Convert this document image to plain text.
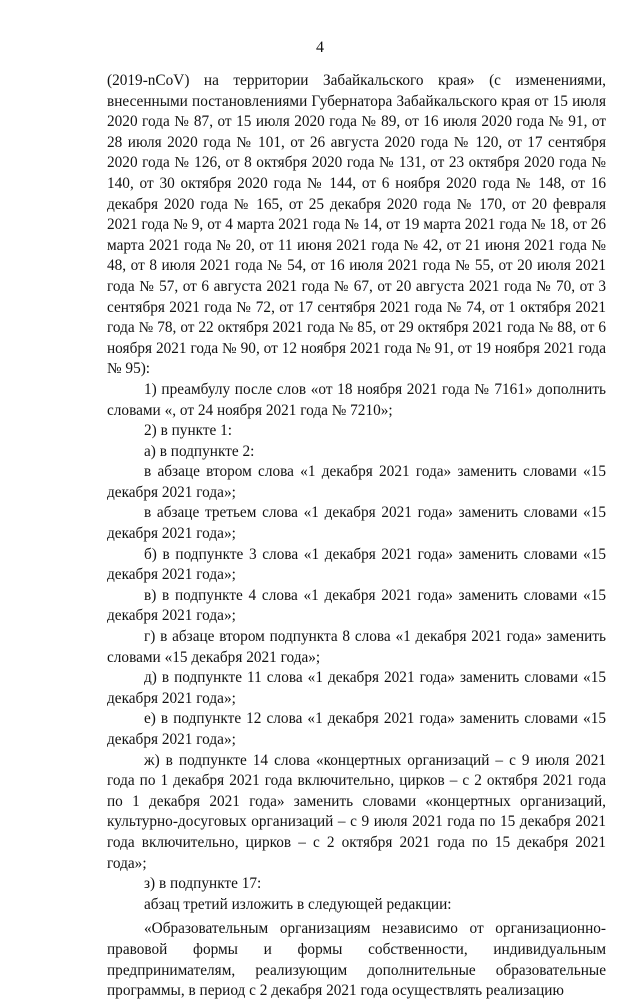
4

(2019-nCoV) на территории Забайкальского края» (с изменениями, внесенными постановлениями Губернатора Забайкальского края от 15 июля 2020 года № 87, от 15 июля 2020 года № 89, от 16 июля 2020 года № 91, от 28 июля 2020 года № 101, от 26 августа 2020 года № 120, от 17 сентября 2020 года № 126, от 8 октября 2020 года № 131, от 23 октября 2020 года № 140, от 30 октября 2020 года № 144, от 6 ноября 2020 года № 148, от 16 декабря 2020 года № 165, от 25 декабря 2020 года № 170, от 20 февраля 2021 года № 9, от 4 марта 2021 года № 14, от 19 марта 2021 года № 18, от 26 марта 2021 года № 20, от 11 июня 2021 года № 42, от 21 июня 2021 года № 48, от 8 июля 2021 года № 54, от 16 июля 2021 года № 55, от 20 июля 2021 года № 57, от 6 августа 2021 года № 67, от 20 августа 2021 года № 70, от 3 сентября 2021 года № 72, от 17 сентября 2021 года № 74, от 1 октября 2021 года № 78, от 22 октября 2021 года № 85, от 29 октября 2021 года № 88, от 6 ноября 2021 года № 90, от 12 ноября 2021 года № 91, от 19 ноября 2021 года № 95):

1) преамбулу после слов «от 18 ноября 2021 года № 7161» дополнить словами «, от 24 ноября 2021 года № 7210»;

2) в пункте 1:

а) в подпункте 2:

в абзаце втором слова «1 декабря 2021 года» заменить словами «15 декабря 2021 года»;

в абзаце третьем слова «1 декабря 2021 года» заменить словами «15 декабря 2021 года»;

б) в подпункте 3 слова «1 декабря 2021 года» заменить словами «15 декабря 2021 года»;

в) в подпункте 4 слова «1 декабря 2021 года» заменить словами «15 декабря 2021 года»;

г) в абзаце втором подпункта 8 слова «1 декабря 2021 года» заменить словами «15 декабря 2021 года»;

д) в подпункте 11 слова «1 декабря 2021 года» заменить словами «15 декабря 2021 года»;

е) в подпункте 12 слова «1 декабря 2021 года» заменить словами «15 декабря 2021 года»;

ж) в подпункте 14 слова «концертных организаций – с 9 июля 2021 года по 1 декабря 2021 года включительно, цирков – с 2 октября 2021 года по 1 декабря 2021 года» заменить словами «концертных организаций, культурно-досуговых организаций – с 9 июля 2021 года по 15 декабря 2021 года включительно, цирков – с 2 октября 2021 года по 15 декабря 2021 года»;

з) в подпункте 17:

абзац третий изложить в следующей редакции:

«Образовательным организациям независимо от организационно-правовой формы и формы собственности, индивидуальным предпринимателям, реализующим дополнительные образовательные программы, в период с 2 декабря 2021 года осуществлять реализацию
